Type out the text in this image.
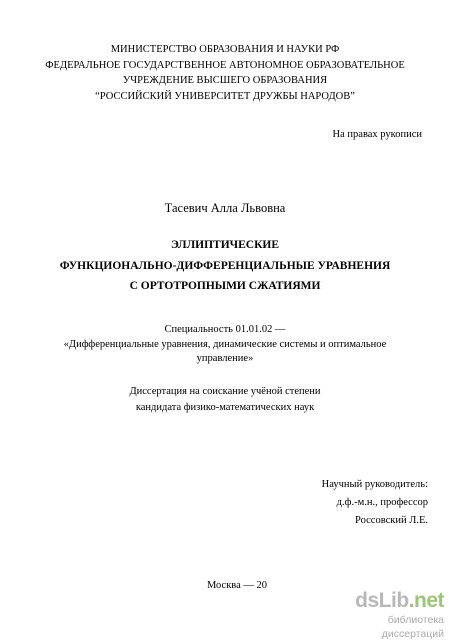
МИНИСТЕРСТВО ОБРАЗОВАНИЯ И НАУКИ РФ
ФЕДЕРАЛЬНОЕ ГОСУДАРСТВЕННОЕ АВТОНОМНОЕ ОБРАЗОВАТЕЛЬНОЕ
УЧРЕЖДЕНИЕ ВЫСШЕГО ОБРАЗОВАНИЯ
“РОССИЙСКИЙ УНИВЕРСИТЕТ ДРУЖБЫ НАРОДОВ”
На правах рукописи
Тасевич Алла Львовна
ЭЛЛИПТИЧЕСКИЕ
ФУНКЦИОНАЛЬНО-ДИФФЕРЕНЦИАЛЬНЫЕ УРАВНЕНИЯ
С ОРТОТРОПНЫМИ СЖАТИЯМИ
Специальность 01.01.02 —
«Дифференциальные уравнения, динамические системы и оптимальное управление»
Диссертация на соискание учёной степени
кандидата физико-математических наук
Научный руководитель:
д.ф.-м.н., профессор
Россовский Л.Е.
Москва — 20
dsLib.net
библиотека диссертаций
